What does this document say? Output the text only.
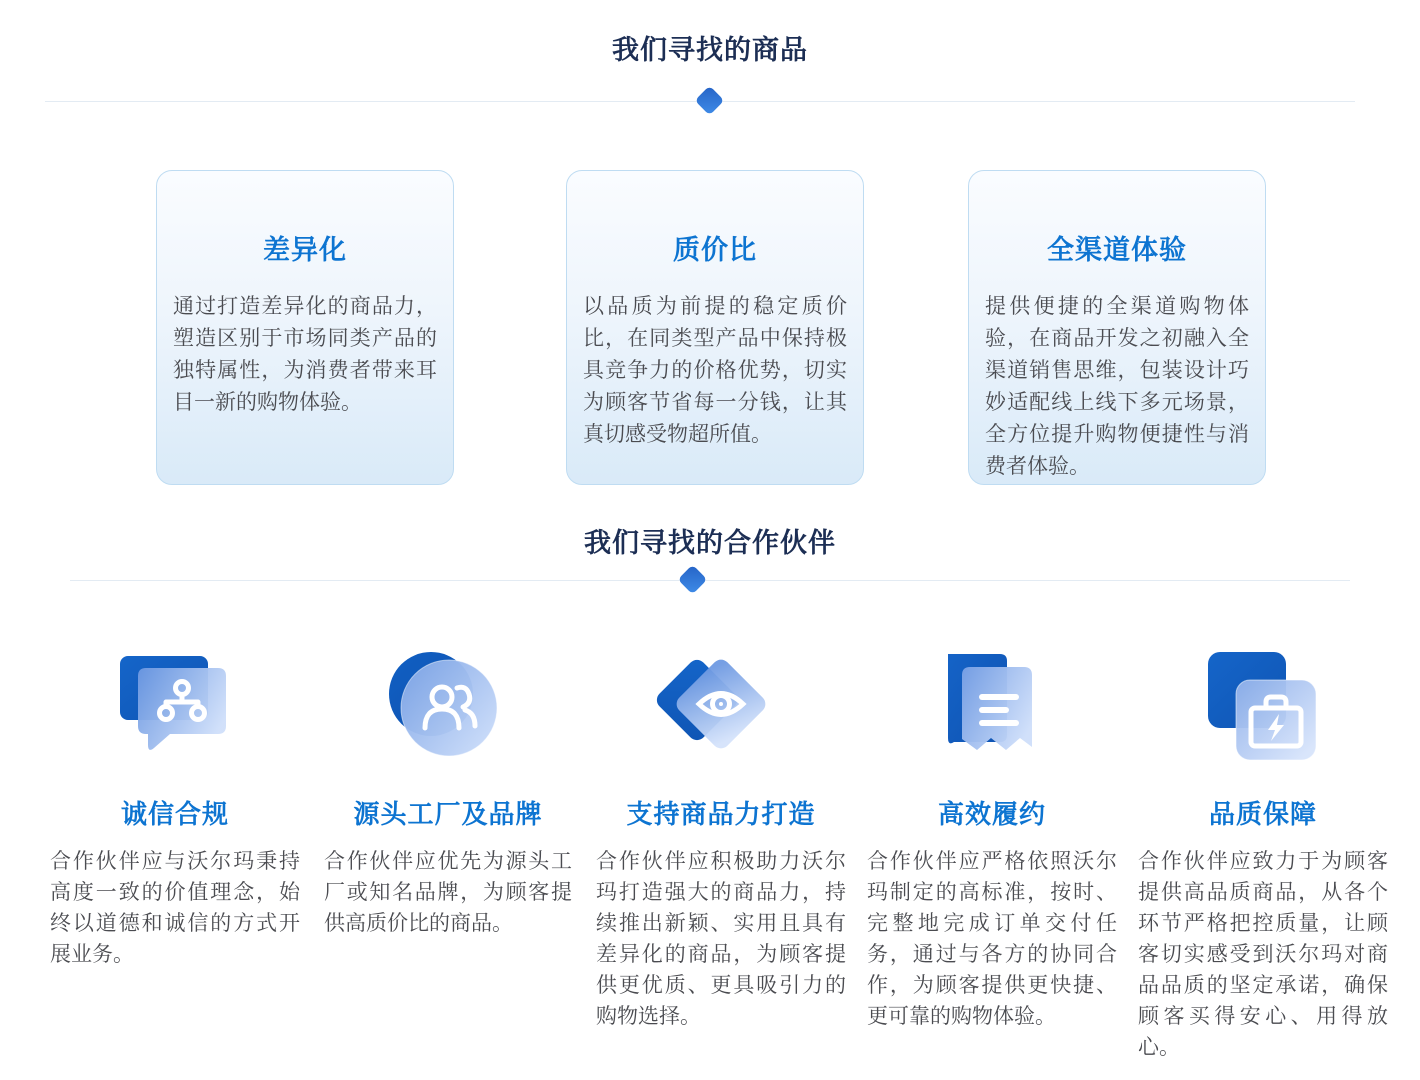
我们寻找的商品
差异化
通过打造差异化的商品力，塑造区别于市场同类产品的独特属性，为消费者带来耳目一新的购物体验。
质价比
以品质为前提的稳定质价比，在同类型产品中保持极具竞争力的价格优势，切实为顾客节省每一分钱，让其真切感受物超所值。
全渠道体验
提供便捷的全渠道购物体验，在商品开发之初融入全渠道销售思维，包装设计巧妙适配线上线下多元场景，全方位提升购物便捷性与消费者体验。
我们寻找的合作伙伴
诚信合规	源头工厂及品牌	支持商品力打造	高效履约	品质保障
合作伙伴应与沃尔玛秉持高度一致的价值理念，始终以道德和诚信的方式开展业务。
合作伙伴应优先为源头工厂或知名品牌，为顾客提供高质价比的商品。
合作伙伴应积极助力沃尔玛打造强大的商品力，持续推出新颖、实用且具有差异化的商品，为顾客提供更优质、更具吸引力的购物选择。
合作伙伴应严格依照沃尔玛制定的高标准，按时、完整地完成订单交付任务，通过与各方的协同合作，为顾客提供更快捷、更可靠的购物体验。
合作伙伴应致力于为顾客提供高品质商品，从各个环节严格把控质量，让顾客切实感受到沃尔玛对商品品质的坚定承诺，确保顾客买得安心、用得放心。
